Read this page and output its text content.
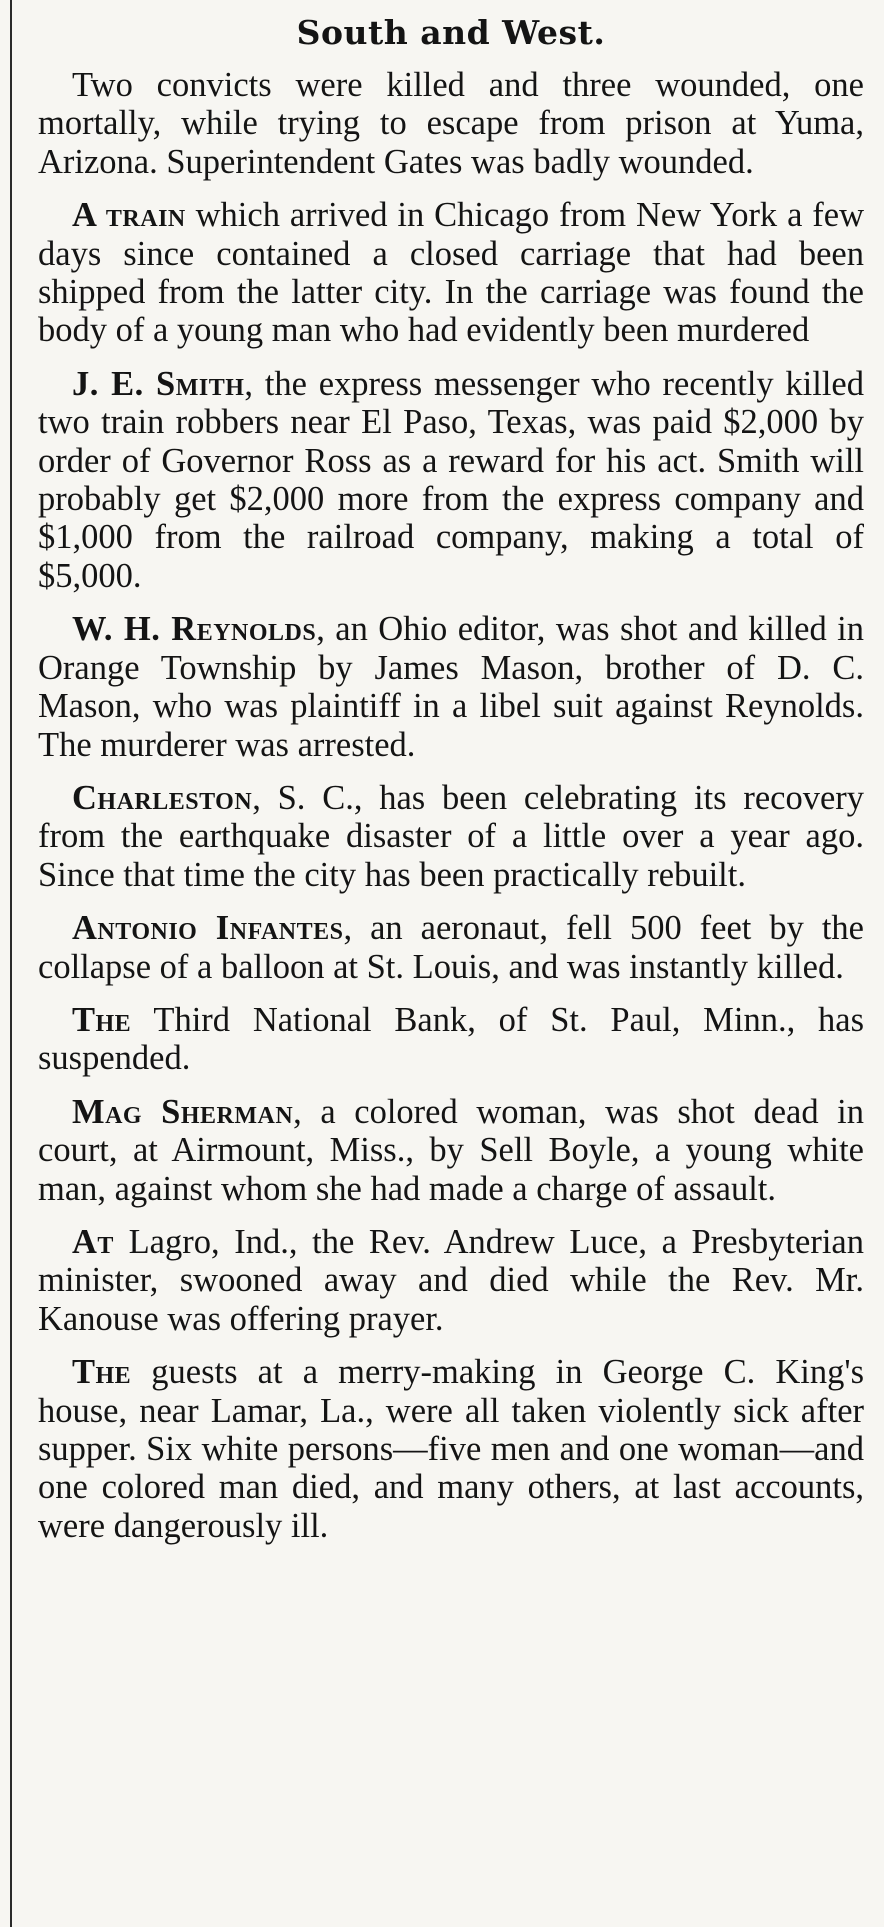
South and West.

Two convicts were killed and three wounded, one mortally, while trying to escape from prison at Yuma, Arizona. Superintendent Gates was badly wounded.

A train which arrived in Chicago from New York a few days since contained a closed carriage that had been shipped from the latter city. In the carriage was found the body of a young man who had evidently been murdered

J. E. Smith, the express messenger who recently killed two train robbers near El Paso, Texas, was paid $2,000 by order of Governor Ross as a reward for his act. Smith will probably get $2,000 more from the express company and $1,000 from the railroad company, making a total of $5,000.

W. H. Reynolds, an Ohio editor, was shot and killed in Orange Township by James Mason, brother of D. C. Mason, who was plaintiff in a libel suit against Reynolds. The murderer was arrested.

Charleston, S. C., has been celebrating its recovery from the earthquake disaster of a little over a year ago. Since that time the city has been practically rebuilt.

Antonio Infantes, an aeronaut, fell 500 feet by the collapse of a balloon at St. Louis, and was instantly killed.

The Third National Bank, of St. Paul, Minn., has suspended.

Mag Sherman, a colored woman, was shot dead in court, at Airmount, Miss., by Sell Boyle, a young white man, against whom she had made a charge of assault.

At Lagro, Ind., the Rev. Andrew Luce, a Presbyterian minister, swooned away and died while the Rev. Mr. Kanouse was offering prayer.

The guests at a merry-making in George C. King's house, near Lamar, La., were all taken violently sick after supper. Six white persons—five men and one woman—and one colored man died, and many others, at last accounts, were dangerously ill.
